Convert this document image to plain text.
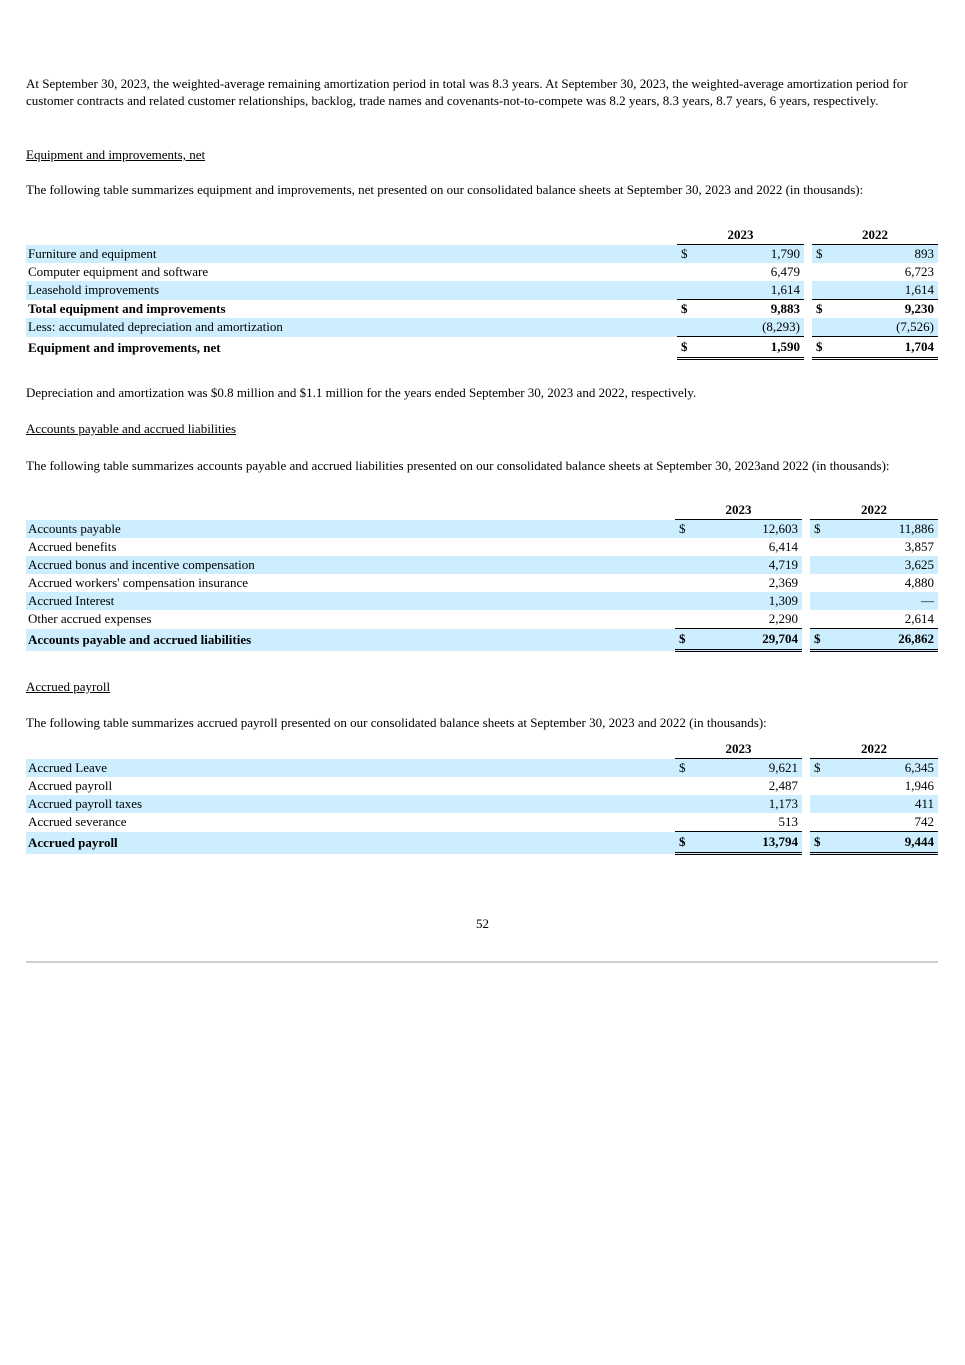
At September 30, 2023, the weighted-average remaining amortization period in total was 8.3 years. At September 30, 2023, the weighted-average amortization period for customer contracts and related customer relationships, backlog, trade names and covenants-not-to-compete was 8.2 years, 8.3 years, 8.7 years, 6 years, respectively.

Equipment and improvements, net

The following table summarizes equipment and improvements, net presented on our consolidated balance sheets at September 30, 2023 and 2022 (in thousands):

	2023			2022	
Furniture and equipment	$	1,790		$	893
Computer equipment and software		6,479			6,723
Leasehold improvements		1,614			1,614
Total equipment and improvements	$	9,883		$	9,230
Less: accumulated depreciation and amortization		(8,293)			(7,526)
Equipment and improvements, net	$	1,590		$	1,704

Depreciation and amortization was $0.8 million and $1.1 million for the years ended September 30, 2023 and 2022, respectively.

Accounts payable and accrued liabilities

The following table summarizes accounts payable and accrued liabilities presented on our consolidated balance sheets at September 30, 2023and 2022 (in thousands):

	2023			2022	
Accounts payable	$	12,603		$	11,886
Accrued benefits		6,414			3,857
Accrued bonus and incentive compensation		4,719			3,625
Accrued workers' compensation insurance		2,369			4,880
Accrued Interest		1,309			—
Other accrued expenses		2,290			2,614
Accounts payable and accrued liabilities	$	29,704		$	26,862

Accrued payroll

The following table summarizes accrued payroll presented on our consolidated balance sheets at September 30, 2023 and 2022 (in thousands):

	2023			2022	
Accrued Leave	$	9,621		$	6,345
Accrued payroll		2,487			1,946
Accrued payroll taxes		1,173			411
Accrued severance		513			742
Accrued payroll	$	13,794		$	9,444
52
